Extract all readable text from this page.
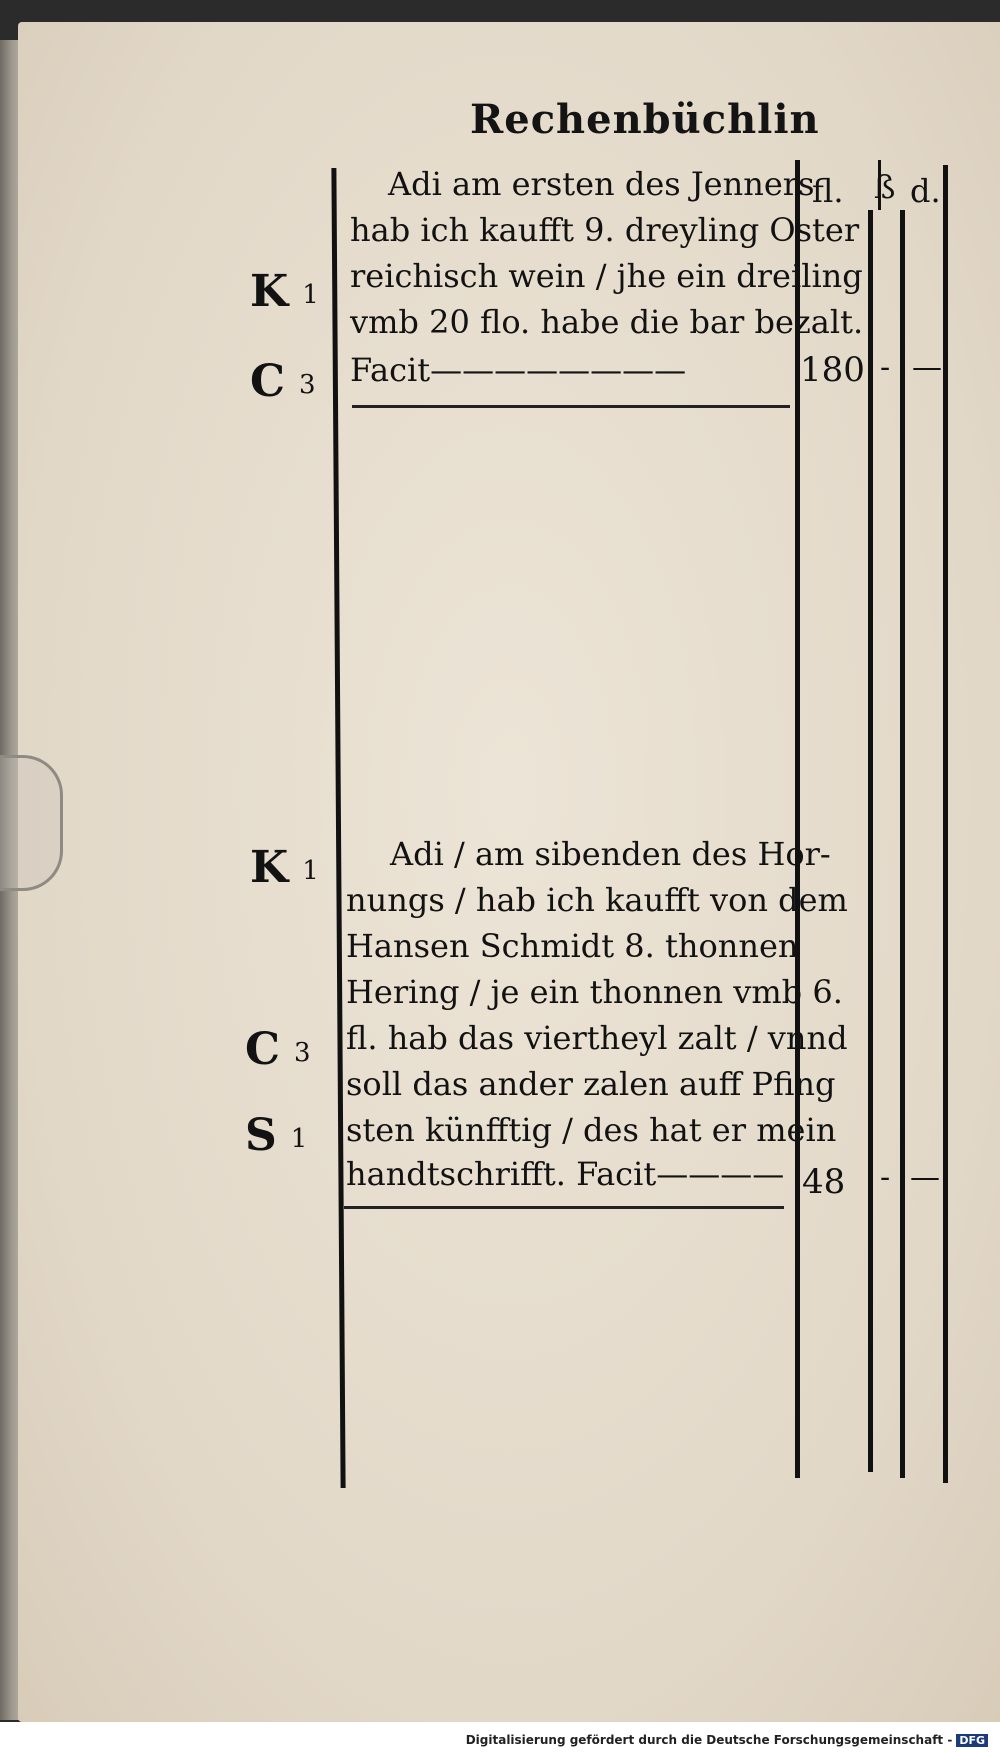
Rechenbüchlin
fl. ß d.
Adi am ersten des Jenners
hab ich kaufft 9. dreyling Oster
reichisch wein / jhe ein dreiling
vmb 20 flo. habe die bar bezalt.
Facit————————
K 1
C 3	180 - —
Adi / am sibenden des Hor-
nungs / hab ich kaufft von dem
Hansen Schmidt 8. thonnen
Hering / je ein thonnen vmb 6.
fl. hab das viertheyl zalt / vnnd
soll das ander zalen auff Pfing
sten künfftig / des hat er mein
handtschrifft. Facit————
K 1
C 3
S 1
48 - —
Digitalisierung gefördert durch die Deutsche Forschungsgemeinschaft - DFG
